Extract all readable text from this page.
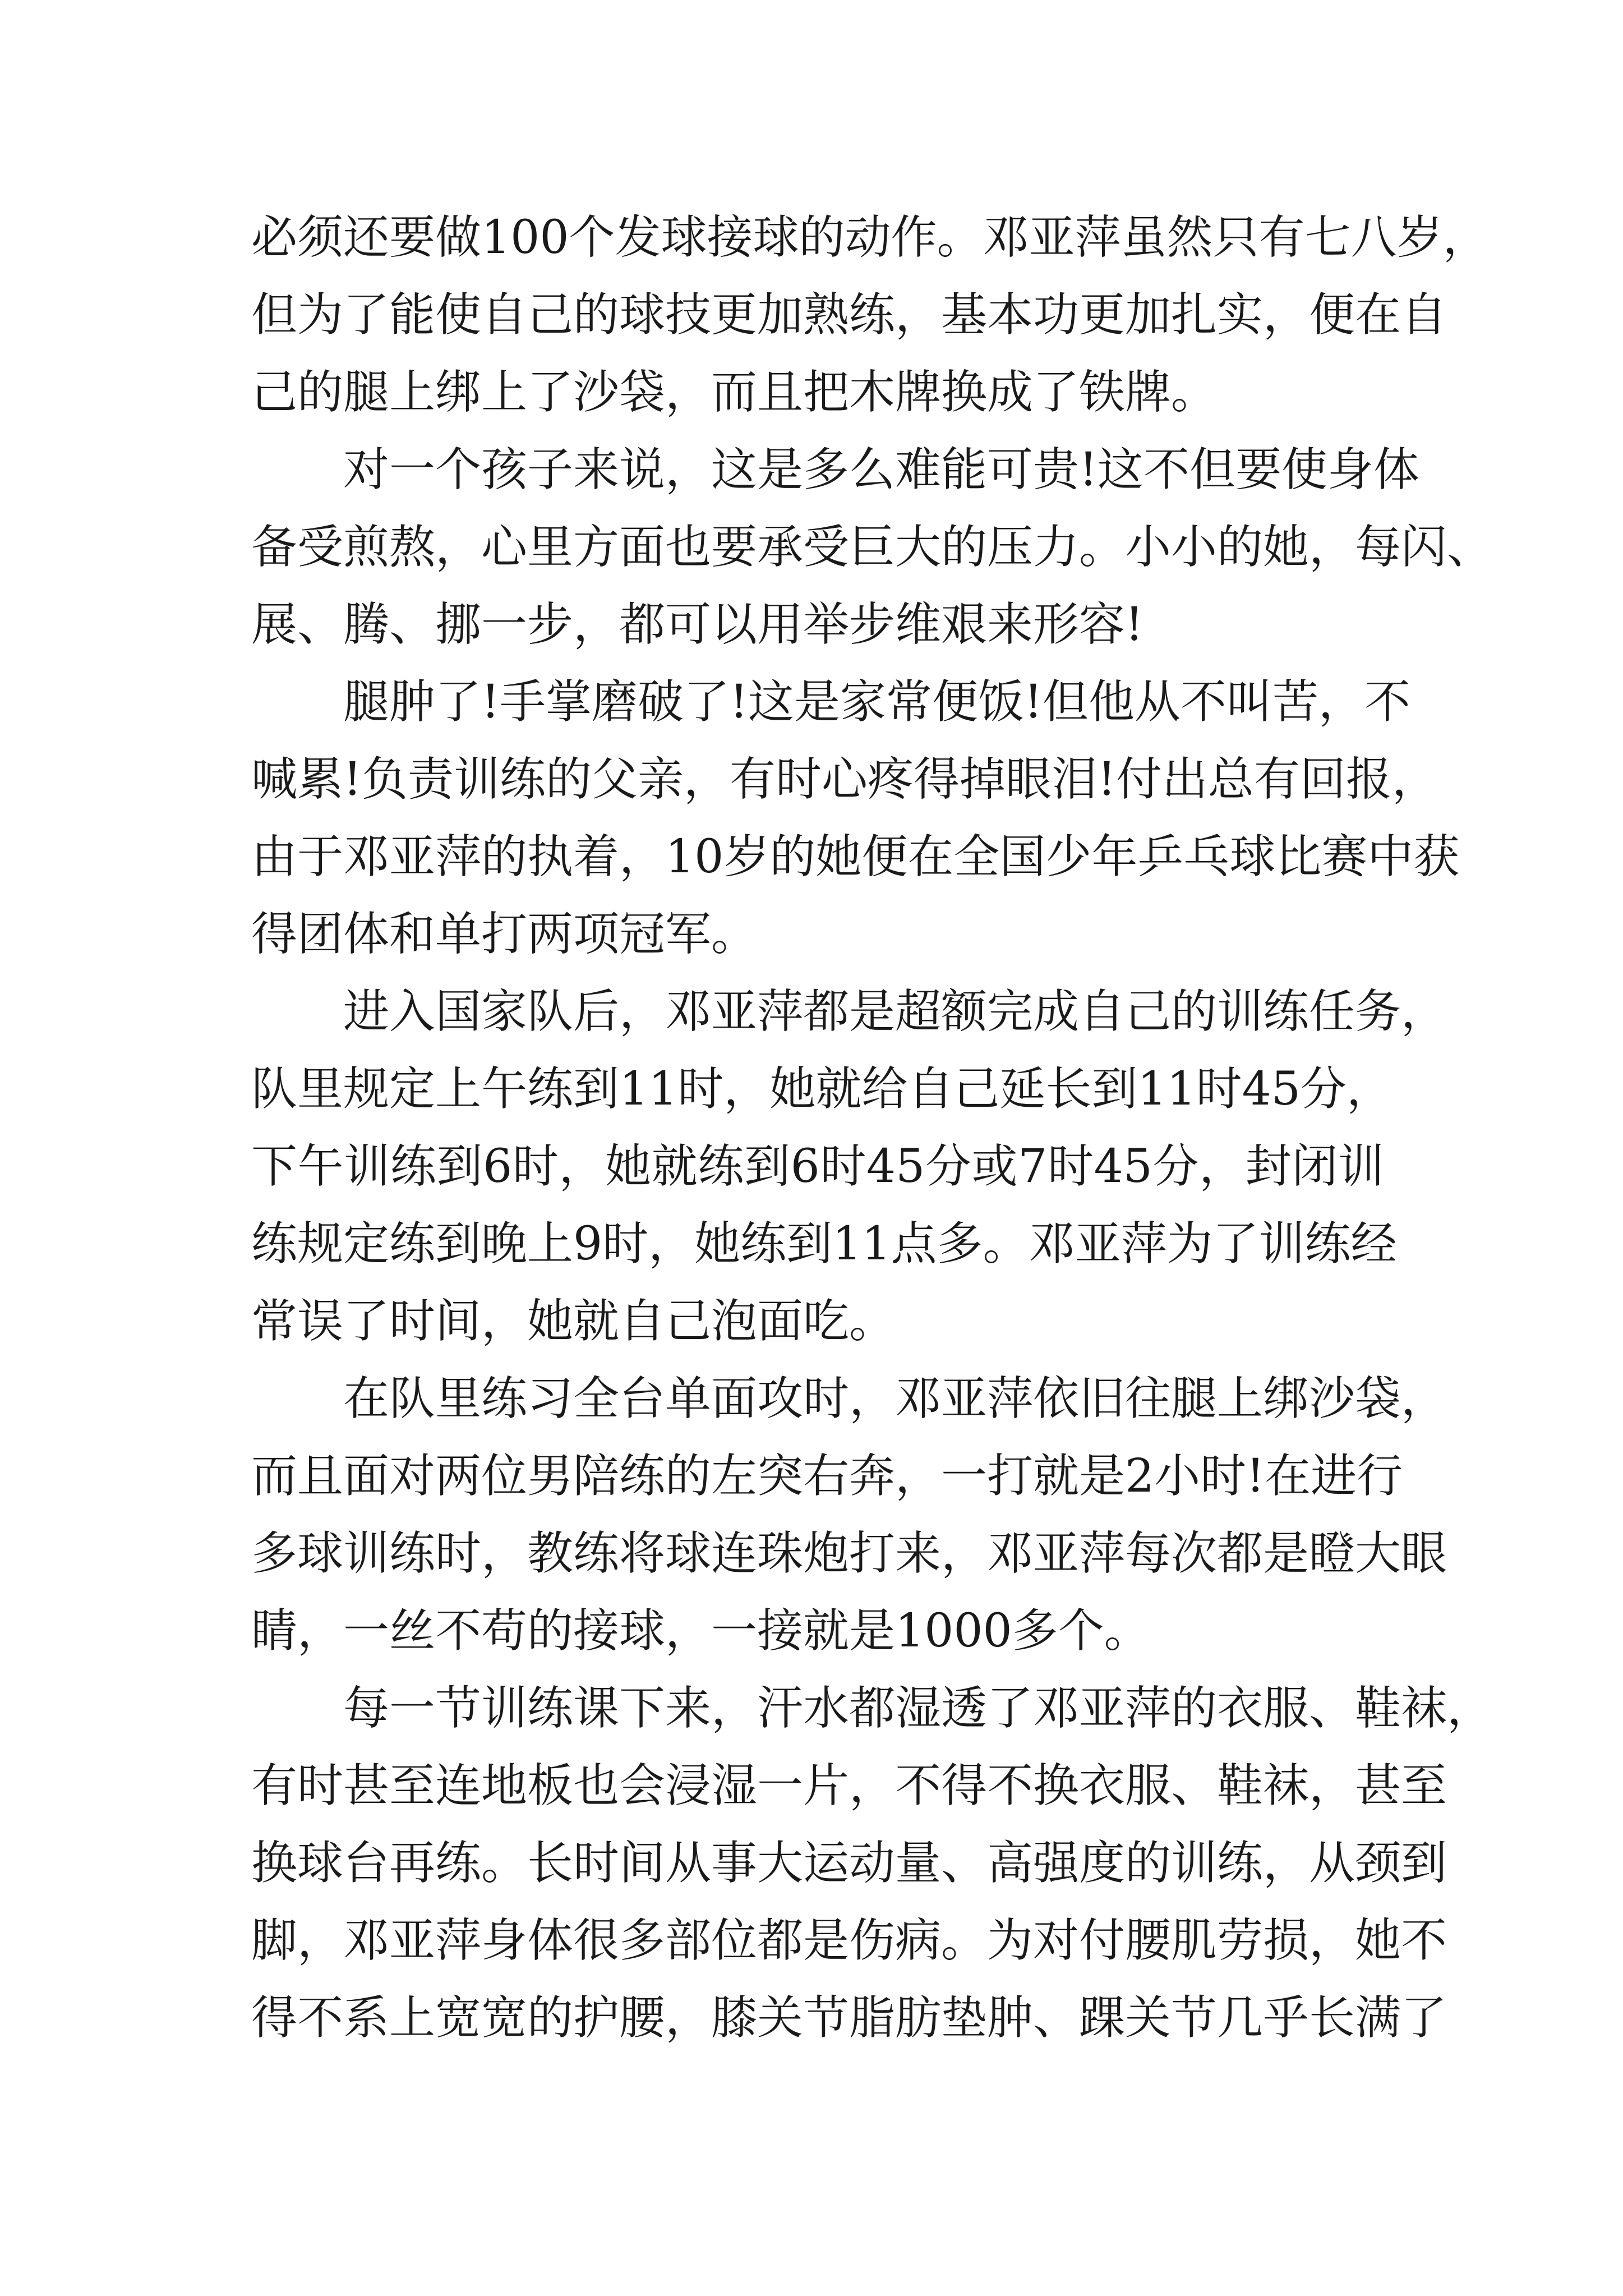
必须还要做100个发球接球的动作。邓亚萍虽然只有七八岁，
但为了能使自己的球技更加熟练，基本功更加扎实，便在自
己的腿上绑上了沙袋，而且把木牌换成了铁牌。
对一个孩子来说，这是多么难能可贵!这不但要使身体
备受煎熬，心里方面也要承受巨大的压力。小小的她，每闪、
展、腾、挪一步，都可以用举步维艰来形容!
腿肿了!手掌磨破了!这是家常便饭!但他从不叫苦，不
喊累!负责训练的父亲，有时心疼得掉眼泪!付出总有回报，
由于邓亚萍的执着，10岁的她便在全国少年乒乓球比赛中获
得团体和单打两项冠军。
进入国家队后，邓亚萍都是超额完成自己的训练任务，
队里规定上午练到11时，她就给自己延长到11时45分，
下午训练到6时，她就练到6时45分或7时45分，封闭训
练规定练到晚上9时，她练到11点多。邓亚萍为了训练经
常误了时间，她就自己泡面吃。
在队里练习全台单面攻时，邓亚萍依旧往腿上绑沙袋，
而且面对两位男陪练的左突右奔，一打就是2小时!在进行
多球训练时，教练将球连珠炮打来，邓亚萍每次都是瞪大眼
睛，一丝不苟的接球，一接就是1000多个。
每一节训练课下来，汗水都湿透了邓亚萍的衣服、鞋袜，
有时甚至连地板也会浸湿一片，不得不换衣服、鞋袜，甚至
换球台再练。长时间从事大运动量、高强度的训练，从颈到
脚，邓亚萍身体很多部位都是伤病。为对付腰肌劳损，她不
得不系上宽宽的护腰，膝关节脂肪垫肿、踝关节几乎长满了
